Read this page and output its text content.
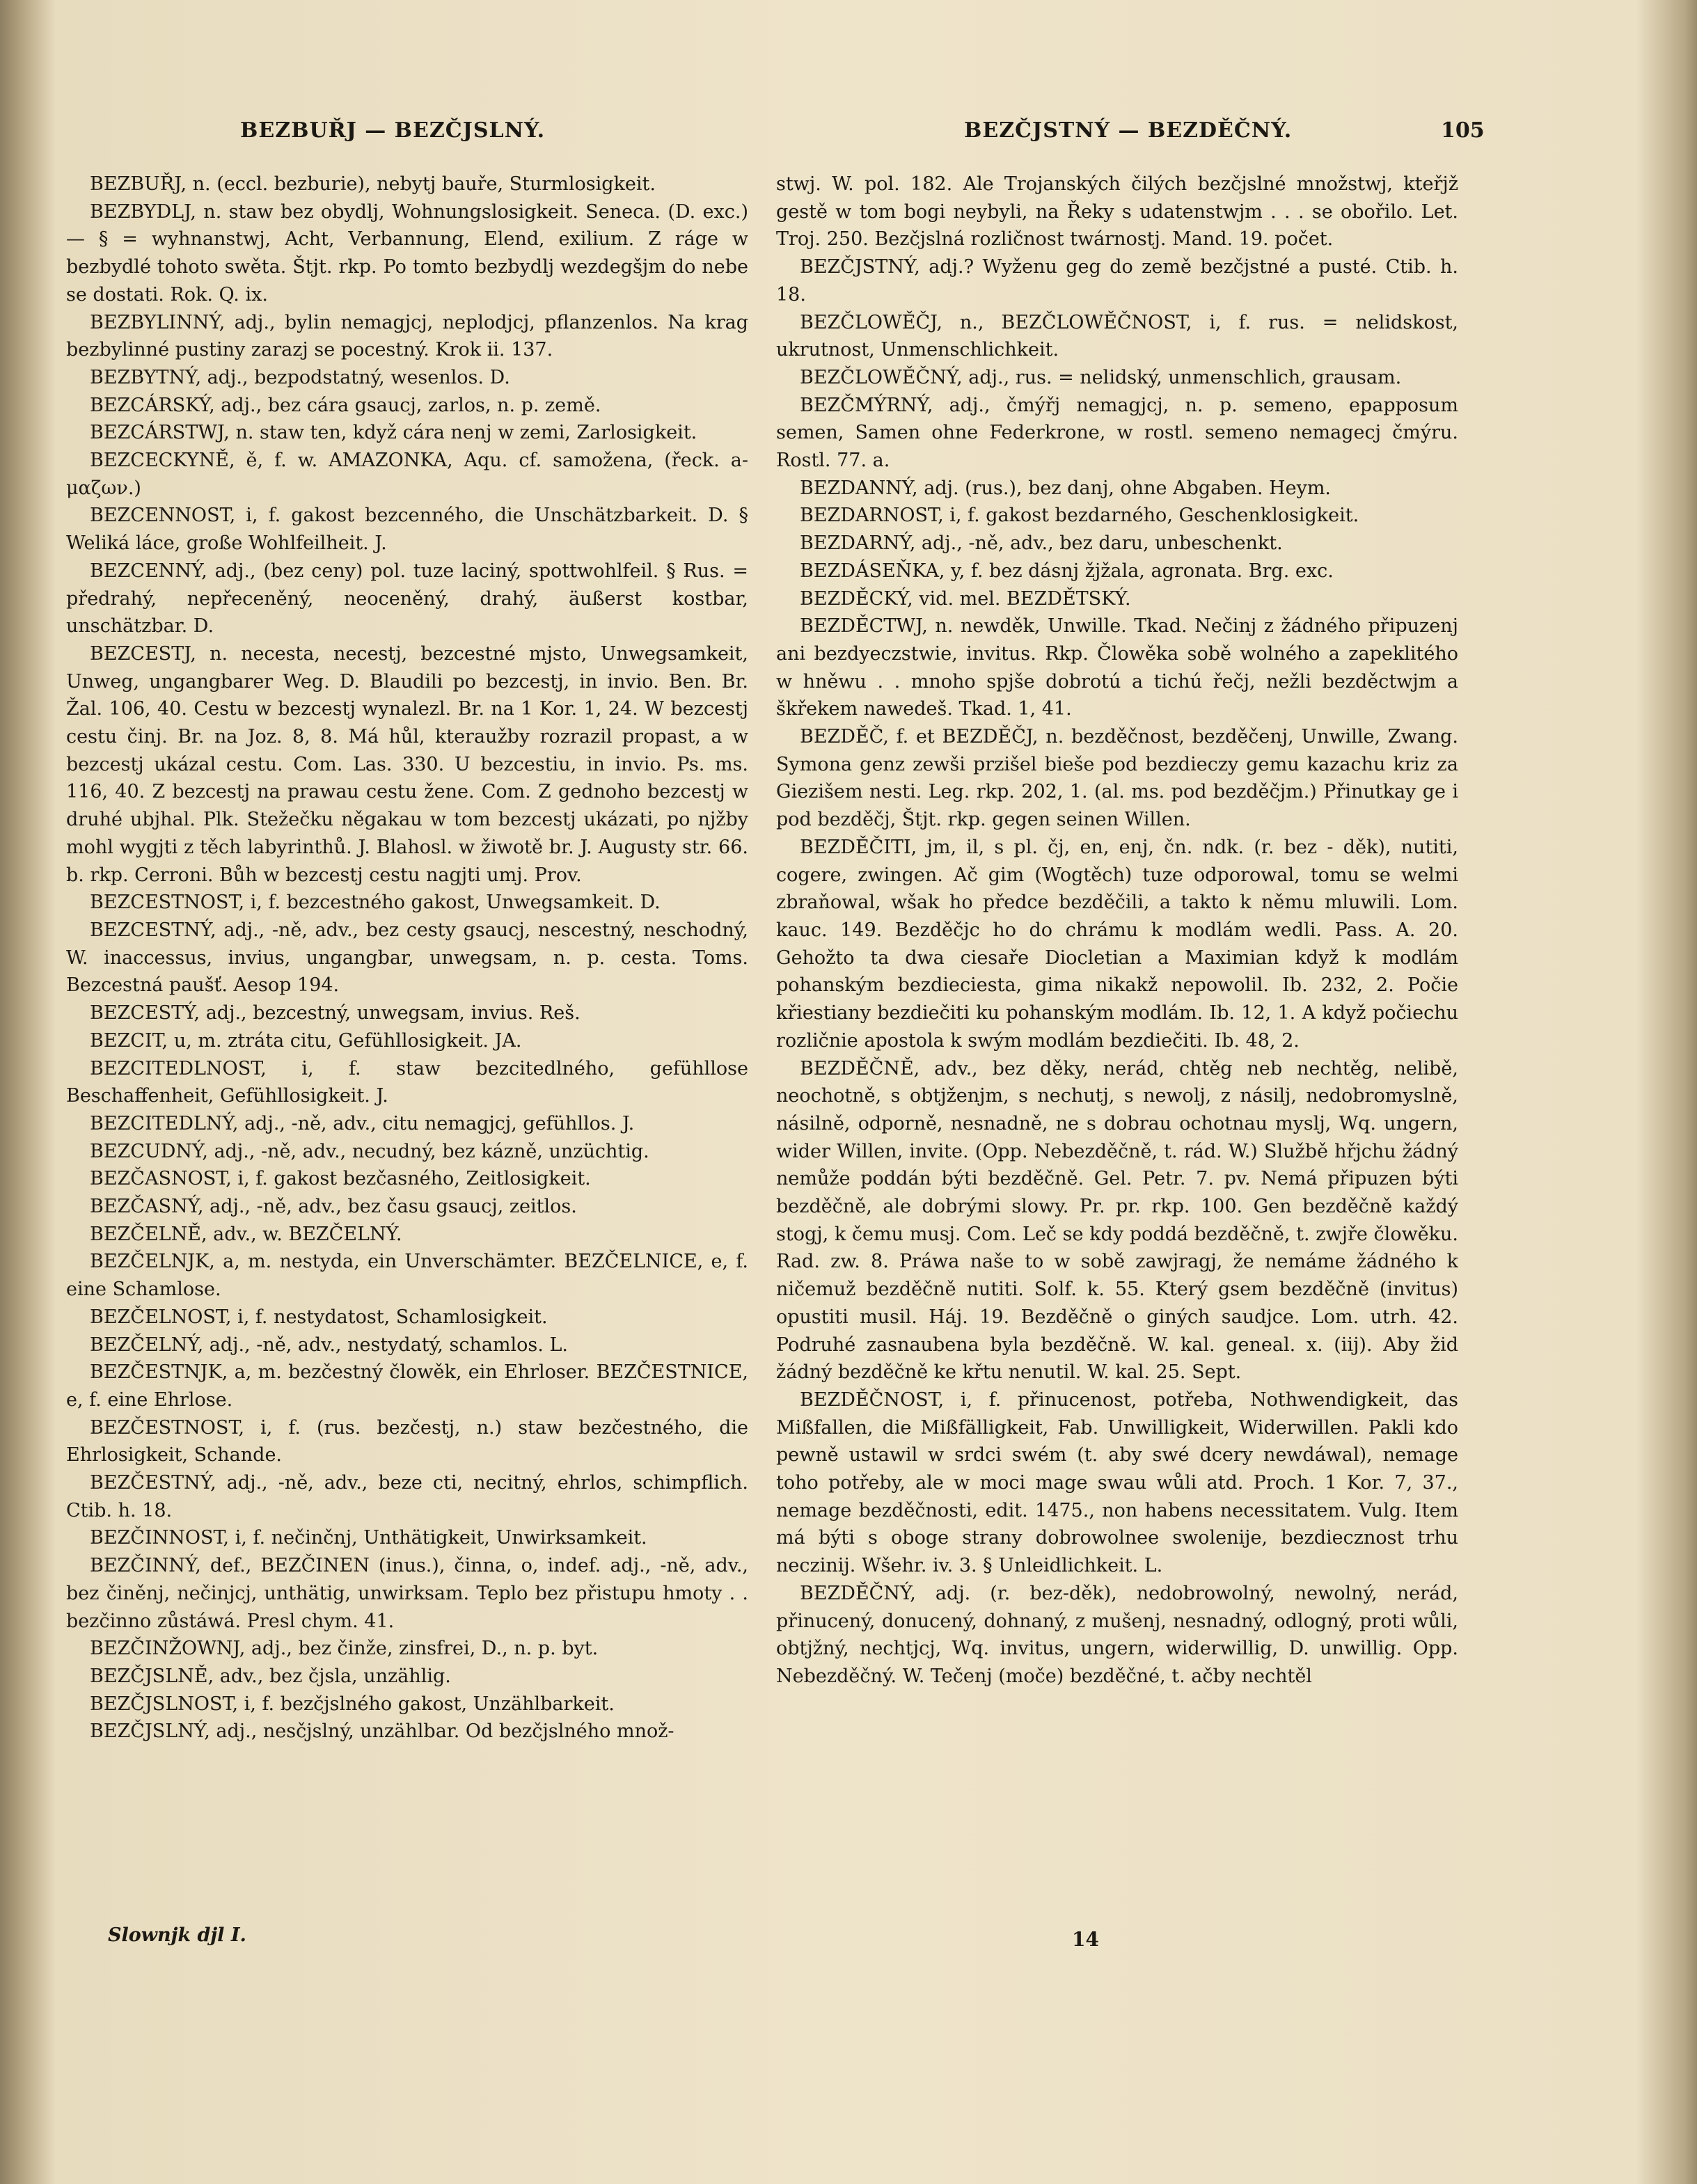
BEZBUŘJ — BEZČJSLNÝ.	BEZČJSTNÝ — BEZDĚČNÝ.	105

BEZBUŘJ, n. (eccl. bezburie), nebytj bauře, Sturmlosigkeit.

BEZBYDLJ, n. staw bez obydlj, Wohnungslosigkeit. Seneca. (D. exc.) — § = wyhnanstwj, Acht, Verbannung, Elend, exilium. Z ráge w bezbydlé tohoto swěta. Štjt. rkp. Po tomto bezbydlj wezdegšjm do nebe se dostati. Rok. Q. ix.

BEZBYLINNÝ, adj., bylin nemagjcj, neplodjcj, pflanzenlos. Na krag bezbylinné pustiny zarazj se pocestný. Krok ii. 137.

BEZBYTNÝ, adj., bezpodstatný, wesenlos. D.

BEZCÁRSKÝ, adj., bez cára gsaucj, zarlos, n. p. země.

BEZCÁRSTWJ, n. staw ten, když cára nenj w zemi, Zarlosigkeit.

BEZCECKYNĚ, ě, f. w. AMAZONKA, Aqu. cf. samožena, (řeck. a-μαζων.)

BEZCENNOST, i, f. gakost bezcenného, die Unschätzbarkeit. D. § Weliká láce, große Wohlfeilheit. J.

BEZCENNÝ, adj., (bez ceny) pol. tuze laciný, spottwohlfeil. § Rus. = předrahý, nepřeceněný, neoceněný, drahý, äußerst kostbar, unschätzbar. D.

BEZCESTJ, n. necesta, necestj, bezcestné mjsto, Unwegsamkeit, Unweg, ungangbarer Weg. D. Blaudili po bezcestj, in invio. Ben. Br. Žal. 106, 40. Cestu w bezcestj wynalezl. Br. na 1 Kor. 1, 24. W bezcestj cestu činj. Br. na Joz. 8, 8. Má hůl, kteraužby rozrazil propast, a w bezcestj ukázal cestu. Com. Las. 330. U bezcestiu, in invio. Ps. ms. 116, 40. Z bezcestj na prawau cestu žene. Com. Z gednoho bezcestj w druhé ubjhal. Plk. Stežečku něgakau w tom bezcestj ukázati, po njžby mohl wygjti z těch labyrinthů. J. Blahosl. w žiwotě br. J. Augusty str. 66. b. rkp. Cerroni. Bůh w bezcestj cestu nagjti umj. Prov.

BEZCESTNOST, i, f. bezcestného gakost, Unwegsamkeit. D.

BEZCESTNÝ, adj., -ně, adv., bez cesty gsaucj, nescestný, neschodný, W. inaccessus, invius, ungangbar, unwegsam, n. p. cesta. Toms. Bezcestná paušť. Aesop 194.

BEZCESTÝ, adj., bezcestný, unwegsam, invius. Reš.

BEZCIT, u, m. ztráta citu, Gefühllosigkeit. JA.

BEZCITEDLNOST, i, f. staw bezcitedlného, gefühllose Beschaffenheit, Gefühllosigkeit. J.

BEZCITEDLNÝ, adj., -ně, adv., citu nemagjcj, gefühllos. J.

BEZCUDNÝ, adj., -ně, adv., necudný, bez kázně, unzüchtig.

BEZČASNOST, i, f. gakost bezčasného, Zeitlosigkeit.

BEZČASNÝ, adj., -ně, adv., bez času gsaucj, zeitlos.

BEZČELNĚ, adv., w. BEZČELNÝ.

BEZČELNJK, a, m. nestyda, ein Unverschämter. BEZČELNICE, e, f. eine Schamlose.

BEZČELNOST, i, f. nestydatost, Schamlosigkeit.

BEZČELNÝ, adj., -ně, adv., nestydatý, schamlos. L.

BEZČESTNJK, a, m. bezčestný člowěk, ein Ehrloser. BEZČESTNICE, e, f. eine Ehrlose.

BEZČESTNOST, i, f. (rus. bezčestj, n.) staw bezčestného, die Ehrlosigkeit, Schande.

BEZČESTNÝ, adj., -ně, adv., beze cti, necitný, ehrlos, schimpflich. Ctib. h. 18.

BEZČINNOST, i, f. nečinčnj, Unthätigkeit, Unwirksamkeit.

BEZČINNÝ, def., BEZČINEN (inus.), činna, o, indef. adj., -ně, adv., bez činěnj, nečinjcj, unthätig, unwirksam. Teplo bez přistupu hmoty . . bezčinno zůstáwá. Presl chym. 41.

BEZČINŽOWNJ, adj., bez činže, zinsfrei, D., n. p. byt.

BEZČJSLNĚ, adv., bez čjsla, unzählig.

BEZČJSLNOST, i, f. bezčjslného gakost, Unzählbarkeit.

BEZČJSLNÝ, adj., nesčjslný, unzählbar. Od bezčjslného množ-

stwj. W. pol. 182. Ale Trojanských čilých bezčjslné množstwj, kteřjž gestě w tom bogi neybyli, na Řeky s udatenstwjm . . . se obořilo. Let. Troj. 250. Bezčjslná rozličnost twárnostj. Mand. 19. počet.

BEZČJSTNÝ, adj.? Wyženu geg do země bezčjstné a pusté. Ctib. h. 18.

BEZČLOWĚČJ, n., BEZČLOWĚČNOST, i, f. rus. = nelidskost, ukrutnost, Unmenschlichkeit.

BEZČLOWĚČNÝ, adj., rus. = nelidský, unmenschlich, grausam.

BEZČMÝRNÝ, adj., čmýřj nemagjcj, n. p. semeno, epapposum semen, Samen ohne Federkrone, w rostl. semeno nemagecj čmýru. Rostl. 77. a.

BEZDANNÝ, adj. (rus.), bez danj, ohne Abgaben. Heym.

BEZDARNOST, i, f. gakost bezdarného, Geschenklosigkeit.

BEZDARNÝ, adj., -ně, adv., bez daru, unbeschenkt.

BEZDÁSEŇKA, y, f. bez dásnj žjžala, agronata. Brg. exc.

BEZDĚCKÝ, vid. mel. BEZDĚTSKÝ.

BEZDĚCTWJ, n. newděk, Unwille. Tkad. Nečinj z žádného připuzenj ani bezdyeczstwie, invitus. Rkp. Člowěka sobě wolného a zapeklitého w hněwu . . mnoho spjše dobrotú a tichú řečj, nežli bezděctwjm a škřekem nawedeš. Tkad. 1, 41.

BEZDĚČ, f. et BEZDĚČJ, n. bezděčnost, bezděčenj, Unwille, Zwang. Symona genz zewši przišel bieše pod bezdieczy gemu kazachu kriz za Giezišem nesti. Leg. rkp. 202, 1. (al. ms. pod bezděčjm.) Přinutkay ge i pod bezděčj, Štjt. rkp. gegen seinen Willen.

BEZDĚČITI, jm, il, s pl. čj, en, enj, čn. ndk. (r. bez - děk), nutiti, cogere, zwingen. Ač gim (Wogtěch) tuze odporowal, tomu se welmi zbraňowal, wšak ho předce bezděčili, a takto k němu mluwili. Lom. kauc. 149. Bezděčjc ho do chrámu k modlám wedli. Pass. A. 20. Gehožto ta dwa ciesaře Diocletian a Maximian když k modlám pohanským bezdieciesta, gima nikakž nepowolil. Ib. 232, 2. Počie křiestiany bezdiečiti ku pohanským modlám. Ib. 12, 1. A když počiechu rozličnie apostola k swým modlám bezdiečiti. Ib. 48, 2.

BEZDĚČNĚ, adv., bez děky, nerád, chtěg neb nechtěg, nelibě, neochotně, s obtjženjm, s nechutj, s newolj, z násilj, nedobromyslně, násilně, odporně, nesnadně, ne s dobrau ochotnau myslj, Wq. ungern, wider Willen, invite. (Opp. Nebezděčně, t. rád. W.) Službě hřjchu žádný nemůže poddán býti bezděčně. Gel. Petr. 7. pv. Nemá připuzen býti bezděčně, ale dobrými slowy. Pr. pr. rkp. 100. Gen bezděčně každý stogj, k čemu musj. Com. Leč se kdy poddá bezděčně, t. zwjře člowěku. Rad. zw. 8. Práwa naše to w sobě zawjragj, že nemáme žádného k ničemuž bezděčně nutiti. Solf. k. 55. Který gsem bezděčně (invitus) opustiti musil. Háj. 19. Bezděčně o giných saudjce. Lom. utrh. 42. Podruhé zasnaubena byla bezděčně. W. kal. geneal. x. (iij). Aby žid žádný bezděčně ke křtu nenutil. W. kal. 25. Sept.

BEZDĚČNOST, i, f. přinucenost, potřeba, Nothwendigkeit, das Mißfallen, die Mißfälligkeit, Fab. Unwilligkeit, Widerwillen. Pakli kdo pewně ustawil w srdci swém (t. aby swé dcery newdáwal), nemage toho potřeby, ale w moci mage swau wůli atd. Proch. 1 Kor. 7, 37., nemage bezděčnosti, edit. 1475., non habens necessitatem. Vulg. Item má býti s oboge strany dobrowolnee swolenije, bezdiecznost trhu neczinij. Wšehr. iv. 3. § Unleidlichkeit. L.

BEZDĚČNÝ, adj. (r. bez-děk), nedobrowolný, newolný, nerád, přinucený, donucený, dohnaný, z mušenj, nesnadný, odlogný, proti wůli, obtjžný, nechtjcj, Wq. invitus, ungern, widerwillig, D. unwillig. Opp. Nebezděčný. W. Tečenj (moče) bezděčné, t. ačby nechtěl

Slownjk djl I.	14
